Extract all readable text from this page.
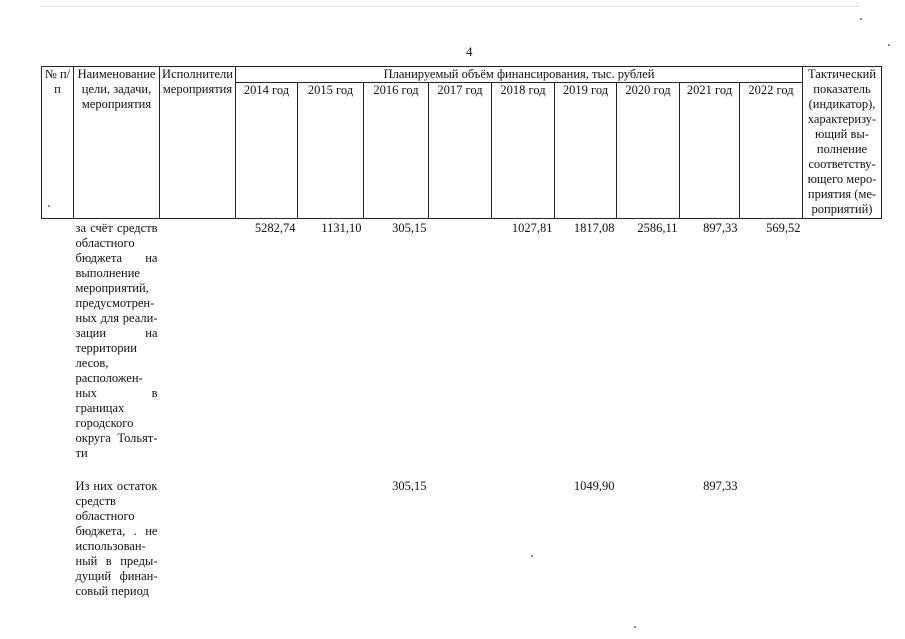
4
№ п/п	Наименование цели, задачи, мероприятия	Исполнители мероприятия	Планируемый объём финансирования, тыс. рублей									Тактический показатель (индикатор), характеризующий выполнение соответствующего мероприятия (мероприятий)
			2014 год	2015 год	2016 год	2017 год	2018 год	2019 год	2020 год	2021 год	2022 год	
	за счёт средств областного бюджета на выполнение мероприятий, предусмотренных для реализации на территории лесов, расположенных в границах городского округа Тольятти		5282,74	1131,10	305,15		1027,81	1817,08	2586,11	897,33	569,52	
	Из них остаток средств областного бюджета, . не использованный в предыдущий финансовый период				305,15			1049,90		897,33		
